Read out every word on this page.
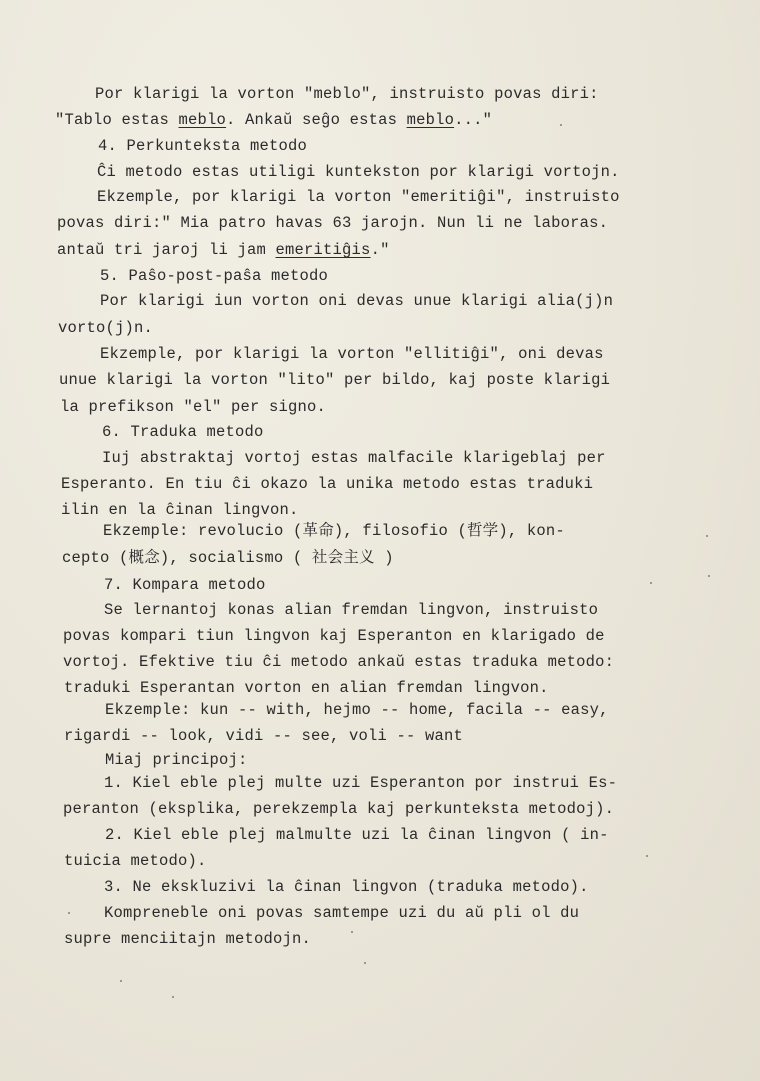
Por klarigi la vorton "meblo", instruisto povas diri:
"Tablo estas meblo. Ankaŭ seĝo estas meblo..."
4. Perkunteksta metodo
Ĉi metodo estas utiligi kuntekston por klarigi vortojn.
Ekzemple, por klarigi la vorton "emeritiĝi", instruisto
povas diri:" Mia patro havas 63 jarojn. Nun li ne laboras.
antaŭ tri jaroj li jam emeritiĝis."
5. Paŝo-post-paŝa metodo
Por klarigi iun vorton oni devas unue klarigi alia(j)n
vorto(j)n.
Ekzemple, por klarigi la vorton "ellitiĝi", oni devas
unue klarigi la vorton "lito" per bildo, kaj poste klarigi
la prefikson "el" per signo.
6. Traduka metodo
Iuj abstraktaj vortoj estas malfacile klarigeblaj per
Esperanto. En tiu ĉi okazo la unika metodo estas traduki
ilin en la ĉinan lingvon.
Ekzemple: revolucio (革命), filosofio (哲学), kon-
cepto (概念), socialismo ( 社会主义 )
7. Kompara metodo
Se lernantoj konas alian fremdan lingvon, instruisto
povas kompari tiun lingvon kaj Esperanton en klarigado de
vortoj. Efektive tiu ĉi metodo ankaŭ estas traduka metodo:
traduki Esperantan vorton en alian fremdan lingvon.
Ekzemple: kun -- with, hejmo -- home, facila -- easy,
rigardi -- look, vidi -- see, voli -- want
Miaj principoj:
1. Kiel eble plej multe uzi Esperanton por instrui Es-
peranton (eksplika, perekzempla kaj perkunteksta metodoj).
2. Kiel eble plej malmulte uzi la ĉinan lingvon ( in-
tuicia metodo).
3. Ne ekskluzivi la ĉinan lingvon (traduka metodo).
Kompreneble oni povas samtempe uzi du aŭ pli ol du
supre menciitajn metodojn.
